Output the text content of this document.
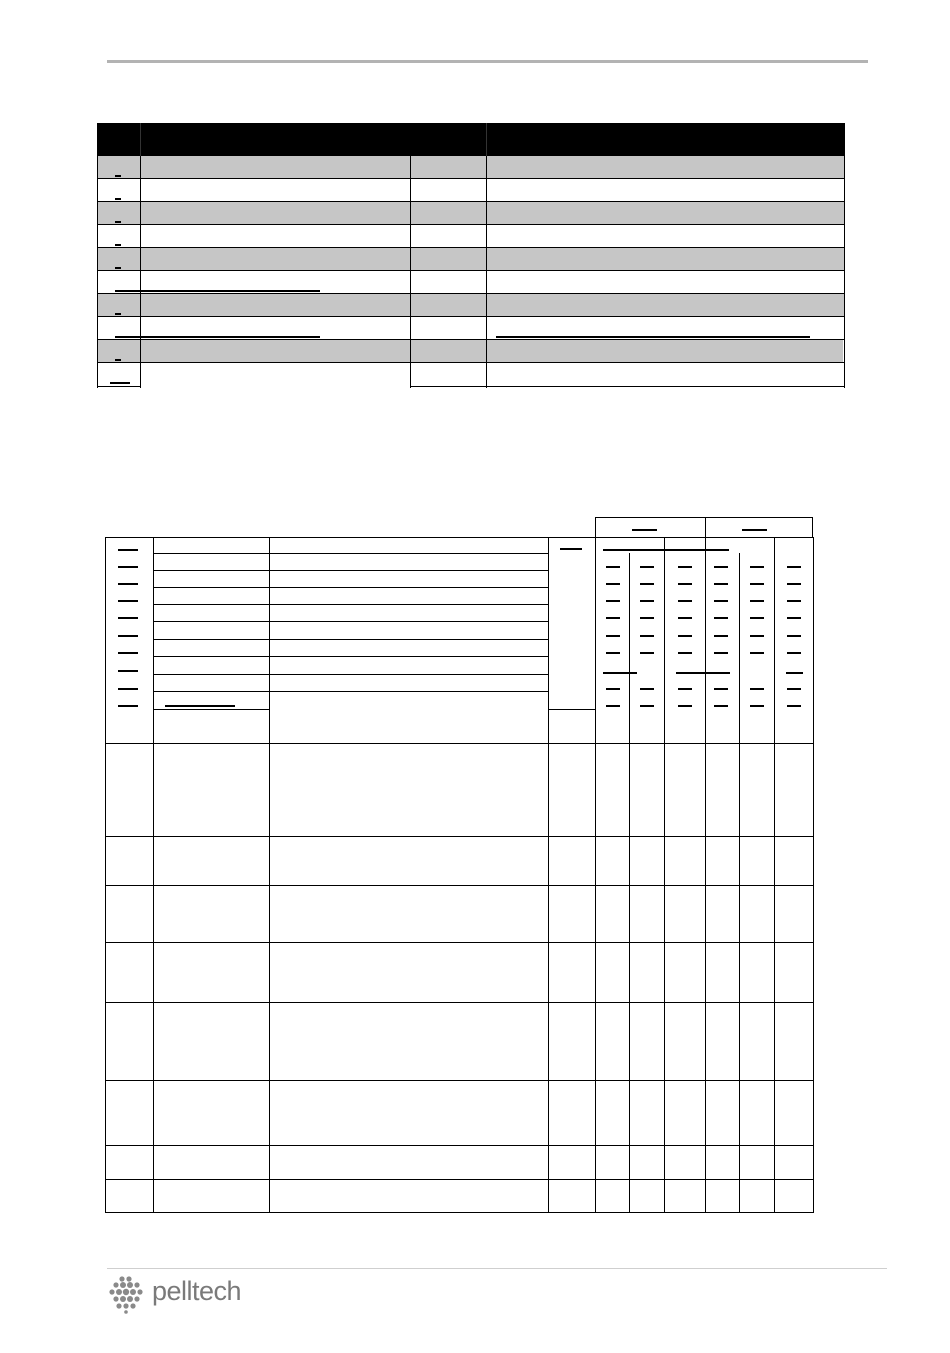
pelltech
